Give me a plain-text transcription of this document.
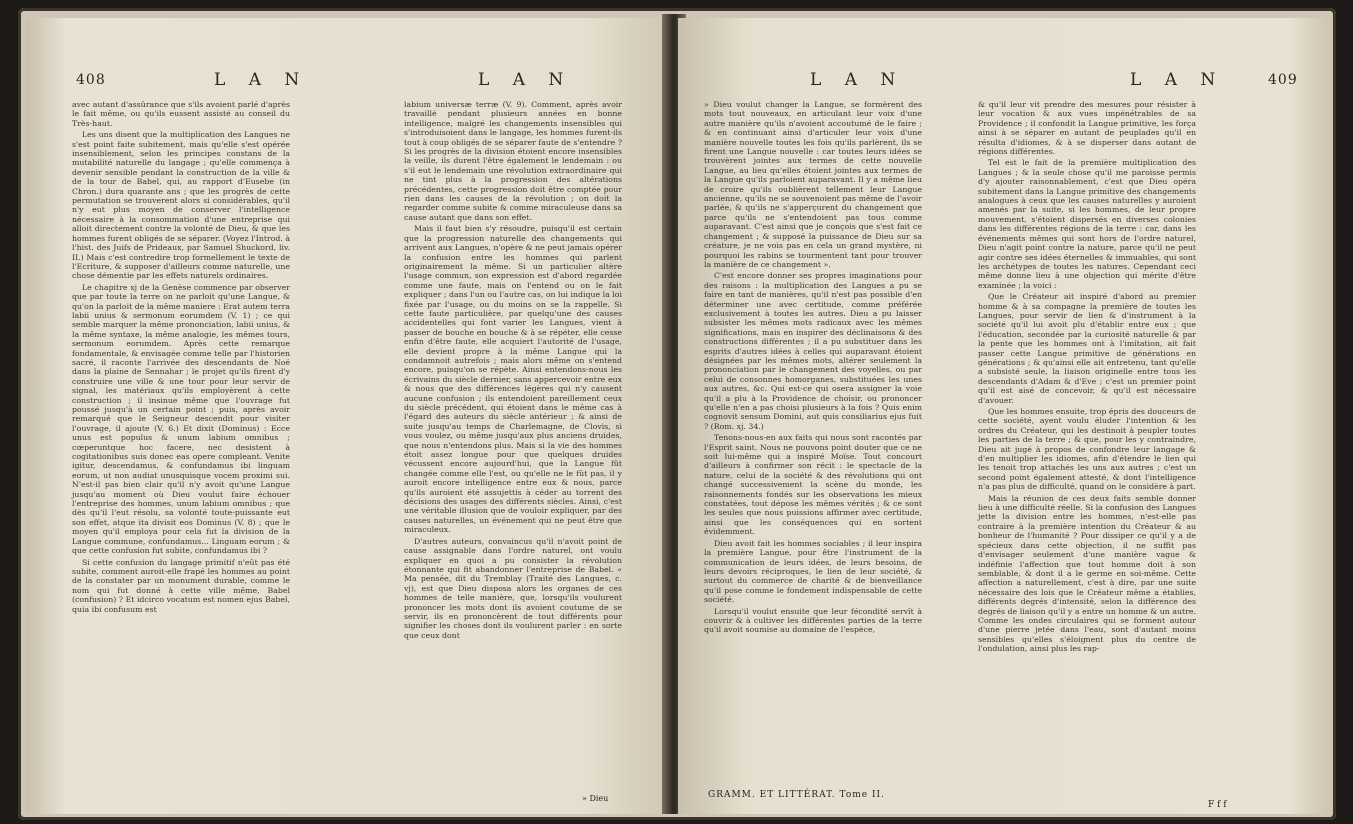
408	L A N	L A N

avec autant d'assûrance que s'ils avoient parlé d'après le fait même, ou qu'ils eussent assisté au conseil du Très-haut.

Les uns disent que la multiplication des Langues ne s'est point faite subitement, mais qu'elle s'est opérée insensiblement, selon les principes constans de la mutabilité naturelle du langage ; qu'elle commença à devenir sensible pendant la construction de la ville & de la tour de Babel, qui, au rapport d'Eusebe (in Chron.) dura quarante ans ; que les progrès de cette permutation se trouverent alors si considérables, qu'il n'y eut plus moyen de conserver l'intelligence nécessaire à la consommation d'une entreprise qui alloit directement contre la volonté de Dieu, & que les hommes furent obligés de se séparer. (Voyez l'Introd. à l'hist. des Juifs de Prideaux, par Samuel Shuckord, liv. II.) Mais c'est contredire trop formellement le texte de l'Ecriture, & supposer d'ailleurs comme naturelle, une chose démentie par les effets naturels ordinaires.

Le chapitre xj de la Genèse commence par observer que par toute la terre on ne parloit qu'une Langue, & qu'on la parloit de la même maniere : Erat autem terra labii unius & sermonum eorumdem (V. 1) ; ce qui semble marquer la même prononciation, labii unius, & la même syntaxe, la même analogie, les mêmes tours, sermonum eorumdem. Après cette remarque fondamentale, & envisagée comme telle par l'historien sacré, il raconte l'arrivée des descendants de Noé dans la plaine de Sennahar ; le projet qu'ils firent d'y construire une ville & une tour pour leur servir de signal, les matériaux qu'ils employèrent à cette construction ; il insinue même que l'ouvrage fut poussé jusqu'à un certain point ; puis, après avoir remarqué que le Seigneur descendit pour visiter l'ouvrage, il ajoute (V. 6.) Et dixit (Dominus) : Ecce unus est populus & unum labium omnibus ; cœperuntque hoc facere, nec desistent à cogitationibus suis donec eas opere compleant. Venite igitur, descendamus, & confundamus ibi linguam eorum, ut non audiat unusquisque vocem proximi sui. N'est-il pas bien clair qu'il n'y avoit qu'une Langue jusqu'au moment où Dieu voulut faire échouer l'entreprise des hommes, unum labium omnibus ; que dès qu'il l'eut résolu, sa volonté toute-puissante eut son effet, atque ita divisit eos Dominus (V. 8) ; que le moyen qu'il employa pour cela fut la division de la Langue commune, confundamus... Linguam eorum ; & que cette confusion fut subite, confundamus ibi ?

Si cette confusion du langage primitif n'eût pas été subite, comment auroit-elle frapé les hommes au point de la constater par un monument durable, comme le nom qui fut donné à cette ville même, Babel (confusion) ? Et idcirco vocatum est nomen ejus Babel, quia ibi confusum est

labium universæ terræ (V. 9). Comment, après avoir travaillé pendant plusieurs années en bonne intelligence, malgré les changements insensibles qui s'introduisoient dans le langage, les hommes furent-ils tout à coup obligés de se séparer faute de s'entendre ? Si les progrès de la division étoient encore insensibles la veille, ils durent l'être également le lendemain : ou s'il eut le lendemain une révolution extraordinaire qui ne tint plus à la progression des altérations précédentes, cette progression doit être comptée pour rien dans les causes de la révolution ; on doit la regarder comme subite & comme miraculeuse dans sa cause autant que dans son effet.

Mais il faut bien s'y résoudre, puisqu'il est certain que la progression naturelle des changements qui arrivent aux Langues, n'opère & ne peut jamais opérer la confusion entre les hommes qui parlent originairement la même. Si un particulier altère l'usage commun, son expression est d'abord regardée comme une faute, mais on l'entend ou on le fait expliquer ; dans l'un ou l'autre cas, on lui indique la loi fixée par l'usage, ou du moins on se la rappelle. Si cette faute particulière, par quelqu'une des causes accidentelles qui font varier les Langues, vient à passer de bouche en bouche & à se répéter, elle cesse enfin d'être faute, elle acquiert l'autorité de l'usage, elle devient propre à la même Langue qui la condamnoit autrefois ; mais alors même on s'entend encore, puisqu'on se répète. Ainsi entendons-nous les écrivains du siècle dernier, sans appercevoir entre eux & nous que des différences légères qui n'y causent aucune confusion ; ils entendoient pareillement ceux du siècle précédent, qui étoient dans le même cas à l'égard des auteurs du siècle antérieur ; & ainsi de suite jusqu'au temps de Charlemagne, de Clovis, si vous voulez, ou même jusqu'aux plus anciens druides, que nous n'entendons plus. Mais si la vie des hommes étoit assez longue pour que quelques druides vécussent encore aujourd'hui, que la Langue fût changée comme elle l'est, ou qu'elle ne le fût pas, il y auroit encore intelligence entre eux & nous, parce qu'ils auroient été assujettis à céder au torrent des décisions des usages des différents siècles. Ainsi, c'est une véritable illusion que de vouloir expliquer, par des causes naturelles, un événement qui ne peut être que miraculeux.

D'autres auteurs, convaincus qu'il n'avoit point de cause assignable dans l'ordre naturel, ont voulu expliquer en quoi a pu consister la révolution étonnante qui fit abandonner l'entreprise de Babel. « Ma pensée, dit du Tremblay (Traité des Langues, c. vj), est que Dieu disposa alors les organes de ces hommes de telle manière, que, lorsqu'ils voulurent prononcer les mots dont ils avoient coutume de se servir, ils en prononcèrent de tout différents pour signifier les choses dont ils voulurent parler : en sorte que ceux dont

» Dieu
L A N	L A N	409

» Dieu voulut changer la Langue, se formèrent des mots tout nouveaux, en articulant leur voix d'une autre manière qu'ils n'avoient accoutumé de le faire ; & en continuant ainsi d'articuler leur voix d'une manière nouvelle toutes les fois qu'ils parlèrent, ils se firent une Langue nouvelle : car toutes leurs idées se trouvèrent jointes aux termes de cette nouvelle Langue, au lieu qu'elles étoient jointes aux termes de la Langue qu'ils parloient auparavant. Il y a même lieu de croire qu'ils oublièrent tellement leur Langue ancienne, qu'ils ne se souvenoient pas même de l'avoir parlée, & qu'ils ne s'apperçurent du changement que parce qu'ils ne s'entendoient pas tous comme auparavant. C'est ainsi que je conçois que s'est fait ce changement ; & supposé la puissance de Dieu sur sa créature, je ne vois pas en cela un grand mystère, ni pourquoi les rabins se tourmentent tant pour trouver la manière de ce changement ».

C'est encore donner ses propres imaginations pour des raisons : la multiplication des Langues a pu se faire en tant de manières, qu'il n'est pas possible d'en déterminer une avec certitude, comme préférée exclusivement à toutes les autres. Dieu a pu laisser subsister les mêmes mots radicaux avec les mêmes significations, mais en inspirer des déclinaisons & des constructions différentes ; il a pu substituer dans les esprits d'autres idées à celles qui auparavant étoient désignées par les mêmes mots, altérer seulement la prononciation par le changement des voyelles, ou par celui de consonnes homorganes, substituées les unes aux autres, &c. Qui est-ce qui osera assigner la voie qu'il a plu à la Providence de choisir, ou prononcer qu'elle n'en a pas choisi plusieurs à la fois ? Quis enim cognovit sensum Domini, aut quis consiliarius ejus fuit ? (Rom. xj. 34.)

Tenons-nous-en aux faits qui nous sont racontés par l'Esprit saint. Nous ne pouvons point douter que ce ne soit lui-même qui a inspiré Moïse. Tout concourt d'ailleurs à confirmer son récit : le spectacle de la nature, celui de la société & des révolutions qui ont changé successivement la scène du monde, les raisonnements fondés sur les observations les mieux constatées, tout dépose les mêmes vérités ; & ce sont les seules que nous puissions affirmer avec certitude, ainsi que les conséquences qui en sortent évidemment.

Dieu avoit fait les hommes sociables ; il leur inspira la première Langue, pour être l'instrument de la communication de leurs idées, de leurs besoins, de leurs devoirs réciproques, le lien de leur société, & surtout du commerce de charité & de bienveillance qu'il pose comme le fondement indispensable de cette société.

Lorsqu'il voulut ensuite que leur fécondité servît à couvrir & à cultiver les différentes parties de la terre qu'il avoit soumise au domaine de l'espèce,

& qu'il leur vit prendre des mesures pour résister à leur vocation & aux vues impénétrables de sa Providence ; il confondit la Langue primitive, les força ainsi à se séparer en autant de peuplades qu'il en résulta d'idiomes, & à se disperser dans autant de régions différentes.

Tel est le fait de la première multiplication des Langues ; & la seule chose qu'il me paroisse permis d'y ajouter raisonnablement, c'est que Dieu opéra subitement dans la Langue primitive des changements analogues à ceux que les causes naturelles y auroient amenés par la suite, si les hommes, de leur propre mouvement, s'étoient dispersés en diverses colonies dans les différentes régions de la terre : car, dans les événements mêmes qui sont hors de l'ordre naturel, Dieu n'agit point contre la nature, parce qu'il ne peut agir contre ses idées éternelles & immuables, qui sont les archétypes de toutes les natures. Cependant ceci même donne lieu à une objection qui mérite d'être examinée ; la voici :

Que le Créateur ait inspiré d'abord au premier homme & à sa compagne la première de toutes les Langues, pour servir de lien & d'instrument à la société qu'il lui avoit plu d'établir entre eux ; que l'éducation, secondée par la curiosité naturelle & par la pente que les hommes ont à l'imitation, ait fait passer cette Langue primitive de générations en générations ; & qu'ainsi elle ait entretenu, tant qu'elle a subsisté seule, la liaison originelle entre tous les descendants d'Adam & d'Eve ; c'est un premier point qu'il est aisé de concevoir, & qu'il est nécessaire d'avouer.

Que les hommes ensuite, trop épris des douceurs de cette société, ayent voulu éluder l'intention & les ordres du Créateur, qui les destinoit à peupler toutes les parties de la terre ; & que, pour les y contraindre, Dieu ait jugé à propos de confondre leur langage & d'en multiplier les idiomes, afin d'étendre le lien qui les tenoit trop attachés les uns aux autres ; c'est un second point également attesté, & dont l'intelligence n'a pas plus de difficulté, quand on le considère à part.

Mais la réunion de ces deux faits semble donner lieu à une difficulté réelle. Si la confusion des Langues jette la division entre les hommes, n'est-elle pas contraire à la première intention du Créateur & au bonheur de l'humanité ? Pour dissiper ce qu'il y a de spécieux dans cette objection, il ne suffit pas d'envisager seulement d'une manière vague & indéfinie l'affection que tout homme doit à son semblable, & dont il a le germe en soi-même. Cette affection a naturellement, c'est à dire, par une suite nécessaire des lois que le Créateur même a établies, différents degrés d'intensité, selon la différence des degrés de liaison qu'il y a entre un homme & un autre. Comme les ondes circulaires qui se forment autour d'une pierre jetée dans l'eau, sont d'autant moins sensibles qu'elles s'éloignent plus du centre de l'ondulation, ainsi plus les rap-

GRAMM. ET LITTÉRAT. Tome II.
F f f
